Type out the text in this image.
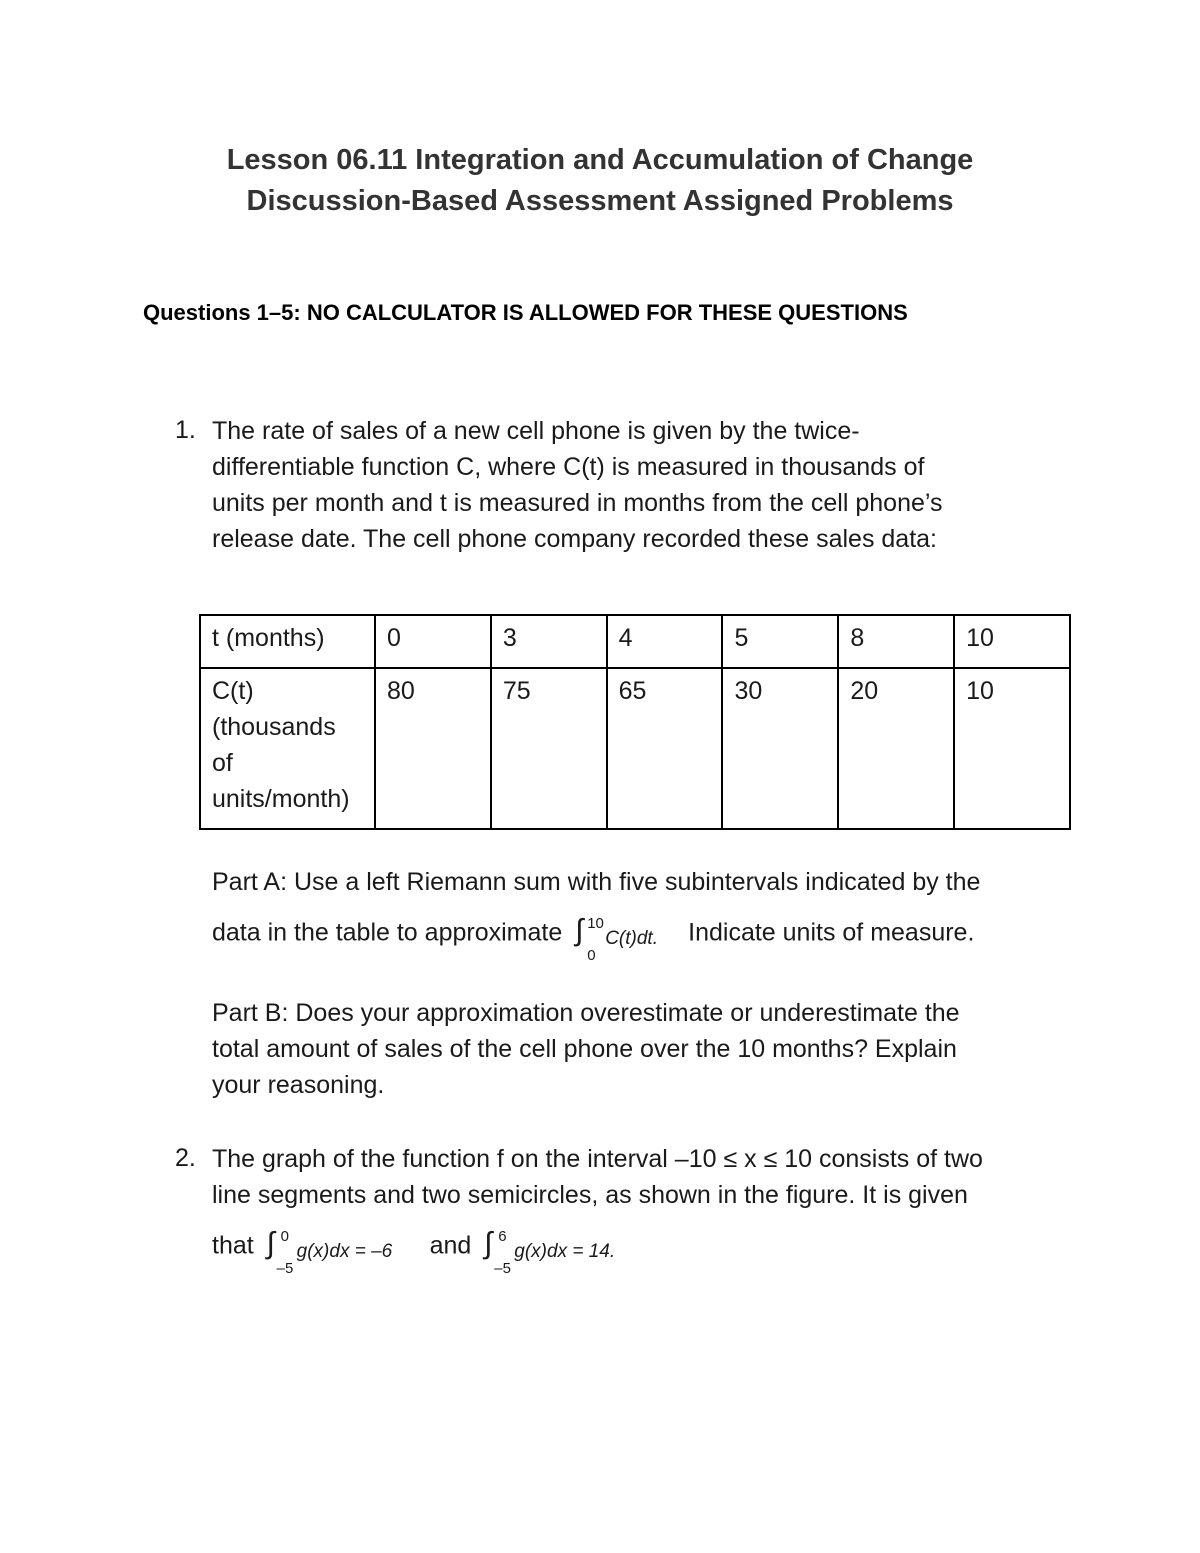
Lesson 06.11 Integration and Accumulation of Change
Discussion-Based Assessment Assigned Problems
Questions 1–5: NO CALCULATOR IS ALLOWED FOR THESE QUESTIONS
1. The rate of sales of a new cell phone is given by the twice-
differentiable function C, where C(t) is measured in thousands of
units per month and t is measured in months from the cell phone’s
release date. The cell phone company recorded these sales data:
t (months)	0	3	4	5	8	10

C(t)
(thousands
of
units/month)	80	75	65	30	20	10
Part A: Use a left Riemann sum with five subintervals indicated by the
data in the table to approximate ∫ 10
0
C(t)dt. Indicate units of measure.
Part B: Does your approximation overestimate or underestimate the
total amount of sales of the cell phone over the 10 months? Explain
your reasoning.
2. The graph of the function f on the interval –10 ≤ x ≤ 10 consists of two
line segments and two semicircles, as shown in the figure. It is given
that ∫ 0
–5
g(x)dx = –6 and ∫ 6
–5
g(x)dx = 14.
